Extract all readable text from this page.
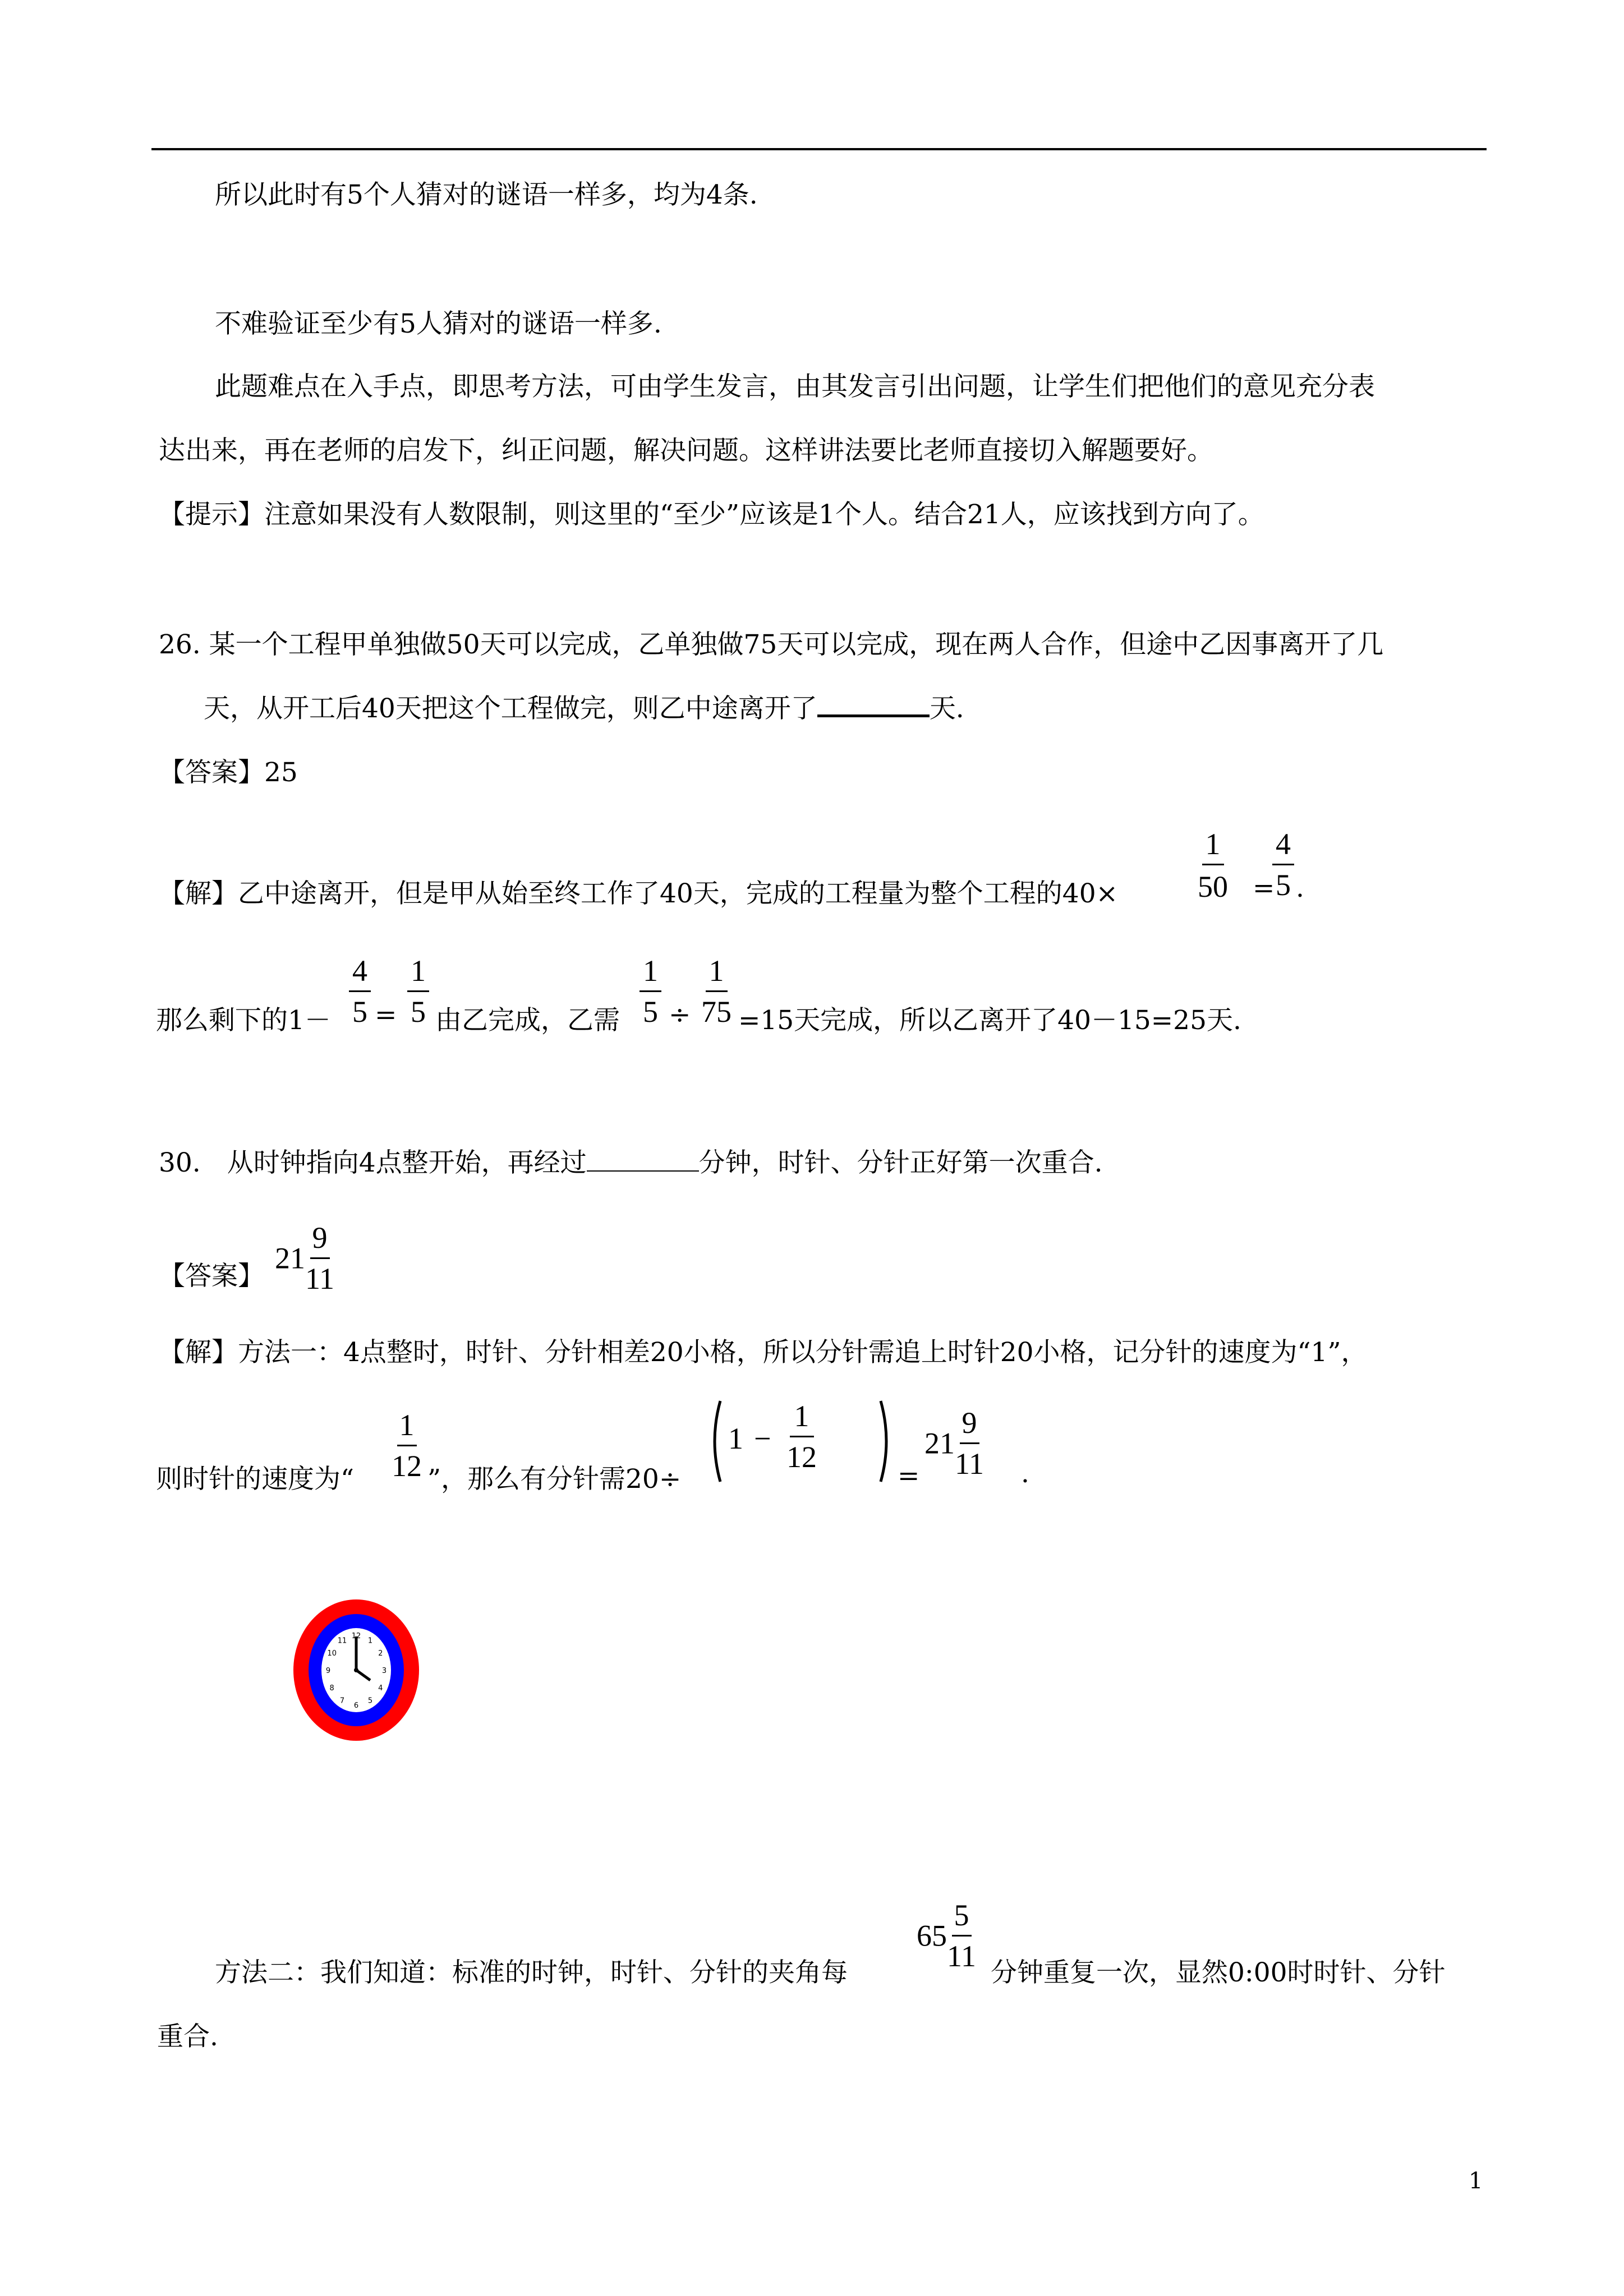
所以此时有5个人猜对的谜语一样多，均为4条.
不难验证至少有5人猜对的谜语一样多.
此题难点在入手点，即思考方法，可由学生发言，由其发言引出问题，让学生们把他们的意见充分表
达出来，再在老师的启发下，纠正问题，解决问题。这样讲法要比老师直接切入解题要好。
【提示】注意如果没有人数限制，则这里的“至少”应该是1个人。结合21人，应该找到方向了。
26. 某一个工程甲单独做50天可以完成，乙单独做75天可以完成，现在两人合作，但途中乙因事离开了几
天，从开工后40天把这个工程做完，则乙中途离开了	天.
【答案】25
【解】乙中途离开，但是甲从始至终工作了40天，完成的工程量为整个工程的40×	$\frac{1}{50}$ =
$\frac{4}{5}$ .
那么剩下的$1- \frac{4}{5} = \frac{1}{5}$ 由乙完成，乙需 $\frac{1}{5} \div \frac{1}{75} =15$天完成，所以乙离开了40－15=25天.
30.　从时钟指向4点整开始，再经过	分钟，时针、分针正好第一次重合.
【答案】
$21 \frac{9}{11}$
【解】方法一：4点整时，时针、分针相差20小格，所以分针需追上时针20小格，记分针的速度为“1”，
则时针的速度为“ $\frac{1}{12}$ ”，那么有分针需20÷
$1 - \frac{1}{12}$
=
$21 \frac{9}{11}$ .
12
1
2
3
4
5
6
7
8
9
10
11
方法二：我们知道：标准的时钟，时针、分针的夹角每
$65 \frac{5}{11}$
分钟重复一次，显然0:00时时针、分针
重合.
1
